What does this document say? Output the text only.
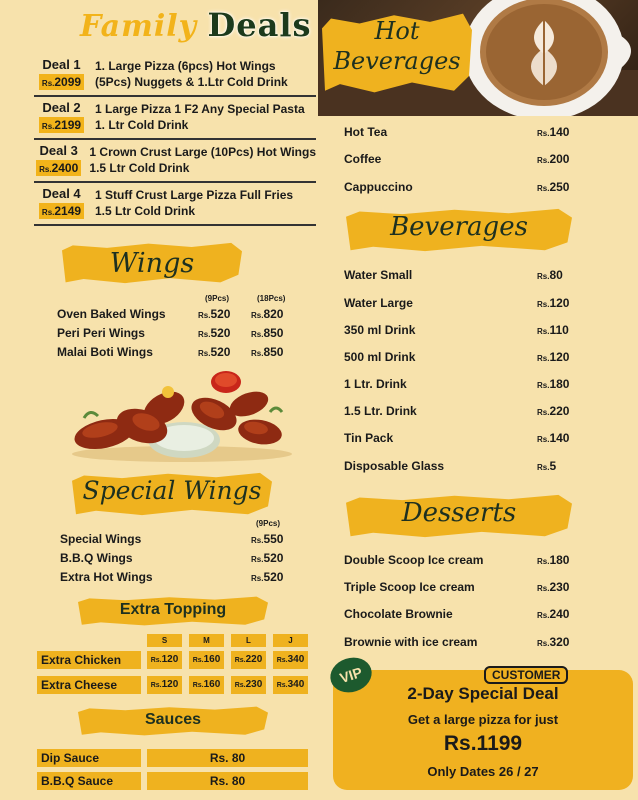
Family Deals
Deal 1
Rs.2099
1. Large Pizza (6pcs) Hot Wings
(5Pcs) Nuggets & 1.Ltr Cold Drink
Deal 2
Rs.2199
1 Large Pizza 1 F2 Any Special Pasta
1. Ltr Cold Drink
Deal 3
Rs.2400
1 Crown Crust Large (10Pcs) Hot Wings
1.5 Ltr Cold Drink
Deal 4
Rs.2149
1 Stuff Crust Large Pizza Full Fries
1.5 Ltr Cold Drink
Wings
(9Pcs)	(18Pcs)
Oven Baked Wings	Rs.520	Rs.820
Peri Peri Wings	Rs.520	Rs.850
Malai Boti Wings	Rs.520	Rs.850
Special Wings
(9Pcs)
Special Wings	Rs.550
B.B.Q Wings	Rs.520
Extra Hot Wings	Rs.520
Extra Topping
S	M	L	J
Extra Chicken	Rs.120	Rs.160	Rs.220	Rs.340
Extra Cheese	Rs.120	Rs.160	Rs.230	Rs.340
Sauces
Dip Sauce	Rs. 80
B.B.Q Sauce	Rs. 80
Hot
Beverages
Hot Tea	Rs.140
Coffee	Rs.200
Cappuccino	Rs.250
Beverages
Water Small	Rs.80
Water Large	Rs.120
350 ml Drink	Rs.110
500 ml Drink	Rs.120
1 Ltr. Drink	Rs.180
1.5 Ltr. Drink	Rs.220
Tin Pack	Rs.140
Disposable Glass	Rs.5
Desserts
Double Scoop Ice cream	Rs.180
Triple Scoop Ice cream	Rs.230
Chocolate Brownie	Rs.240
Brownie with ice cream	Rs.320
VIP	CUSTOMER
2-Day Special Deal
Get a large pizza for just
Rs.1199
Only Dates 26 / 27
